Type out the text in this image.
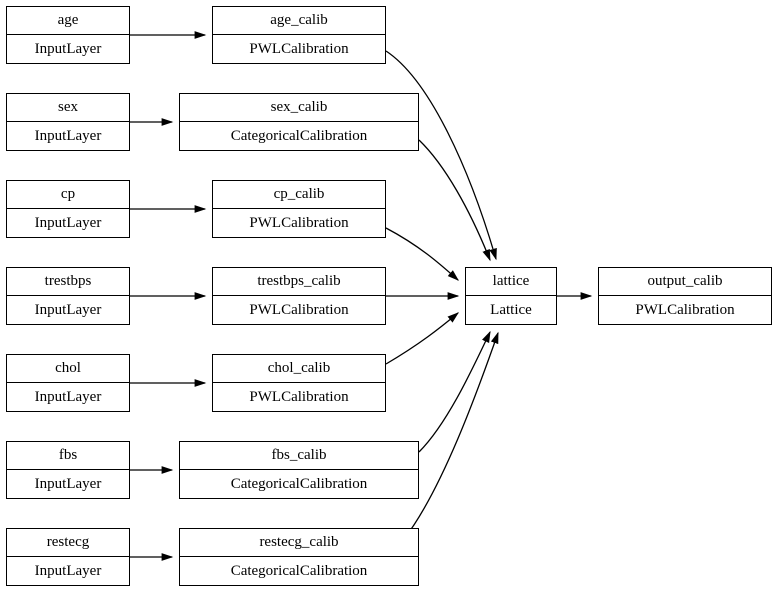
age
InputLayer
age_calib
PWLCalibration
sex
InputLayer
sex_calib
CategoricalCalibration
cp
InputLayer
cp_calib
PWLCalibration
trestbps
InputLayer
trestbps_calib
PWLCalibration
lattice
Lattice
output_calib
PWLCalibration
chol
InputLayer
chol_calib
PWLCalibration
fbs
InputLayer
fbs_calib
CategoricalCalibration
restecg
InputLayer
restecg_calib
CategoricalCalibration
